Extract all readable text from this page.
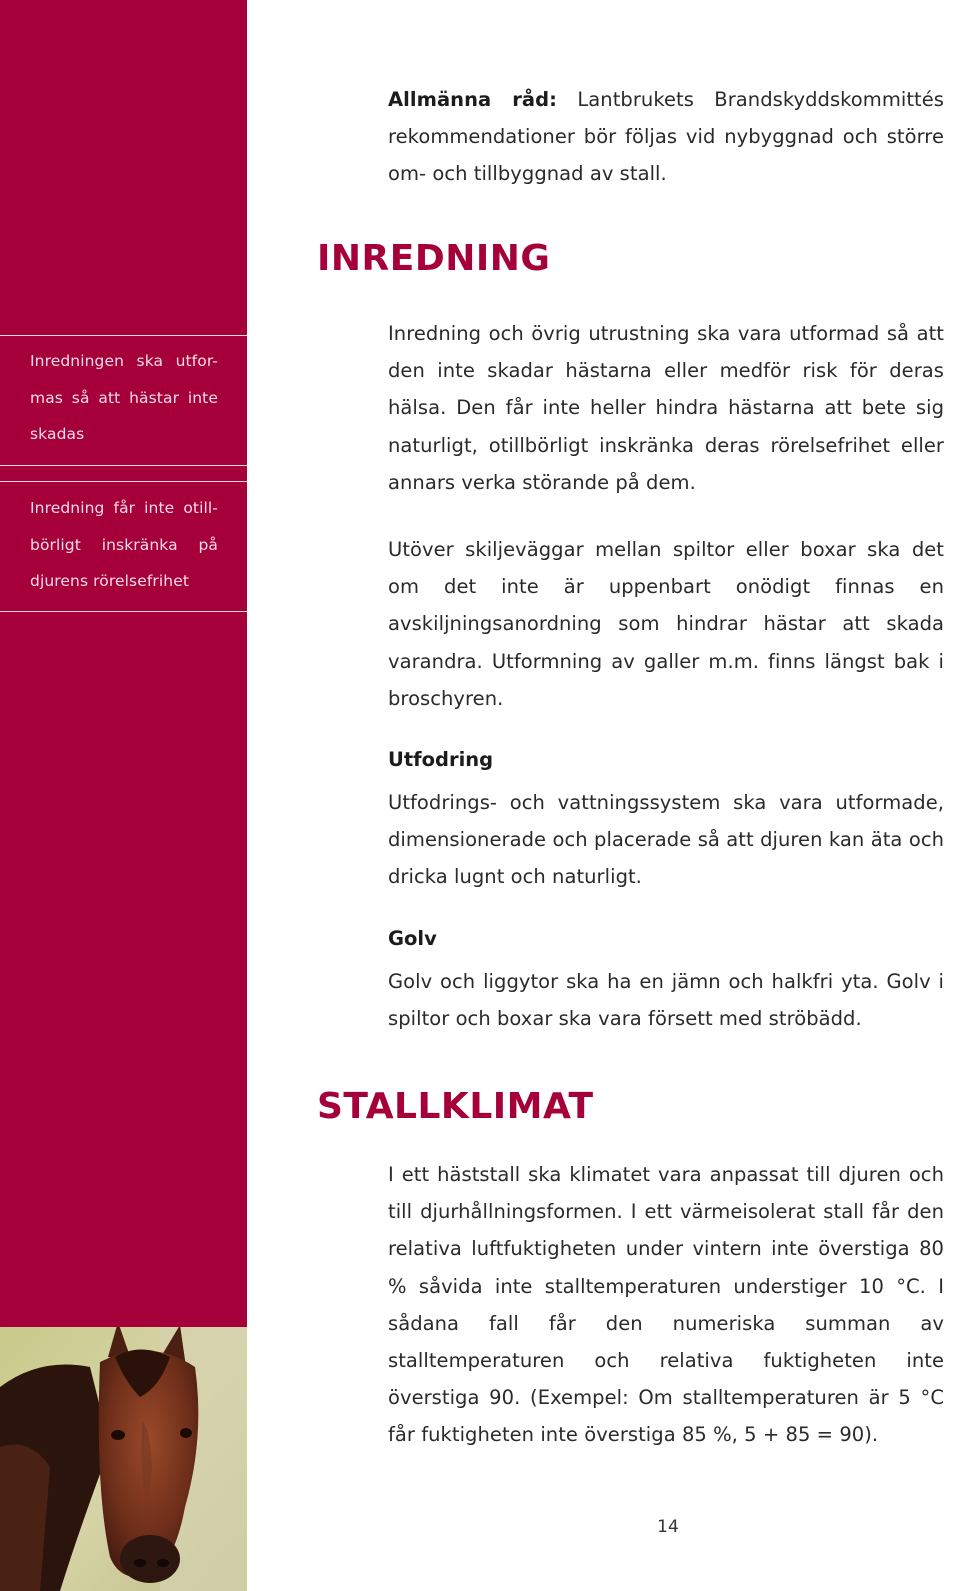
Inredningen ska utfor-
mas så att hästar inte
skadas
Inredning får inte otill-
börligt inskränka på
djurens rörelsefrihet
Allmänna råd: Lantbrukets Brandskyddskommittés rekommendationer bör följas vid nybyggnad och större om- och tillbyggnad av stall.
INREDNING
Inredning och övrig utrustning ska vara utformad så att den inte skadar hästarna eller medför risk för deras hälsa. Den får inte heller hindra hästarna att bete sig naturligt, otillbörligt inskränka deras rörelsefrihet eller annars verka störande på dem.
Utöver skiljeväggar mellan spiltor eller boxar ska det om det inte är uppenbart onödigt finnas en avskiljningsanordning som hindrar hästar att skada varandra. Utformning av galler m.m. finns längst bak i broschyren.
Utfodring
Utfodrings- och vattningssystem ska vara utformade, dimensionerade och placerade så att djuren kan äta och dricka lugnt och naturligt.
Golv
Golv och liggytor ska ha en jämn och halkfri yta. Golv i spiltor och boxar ska vara försett med ströbädd.
STALLKLIMAT
I ett häststall ska klimatet vara anpassat till djuren och till djurhållningsformen. I ett värmeisolerat stall får den relativa luftfuktigheten under vintern inte överstiga 80 % såvida inte stalltemperaturen understiger 10 °C. I sådana fall får den numeriska summan av stalltemperaturen och relativa fuktigheten inte överstiga 90. (Exempel: Om stalltemperaturen är 5 °C får fuktigheten inte överstiga 85 %, 5 + 85 = 90).
14
